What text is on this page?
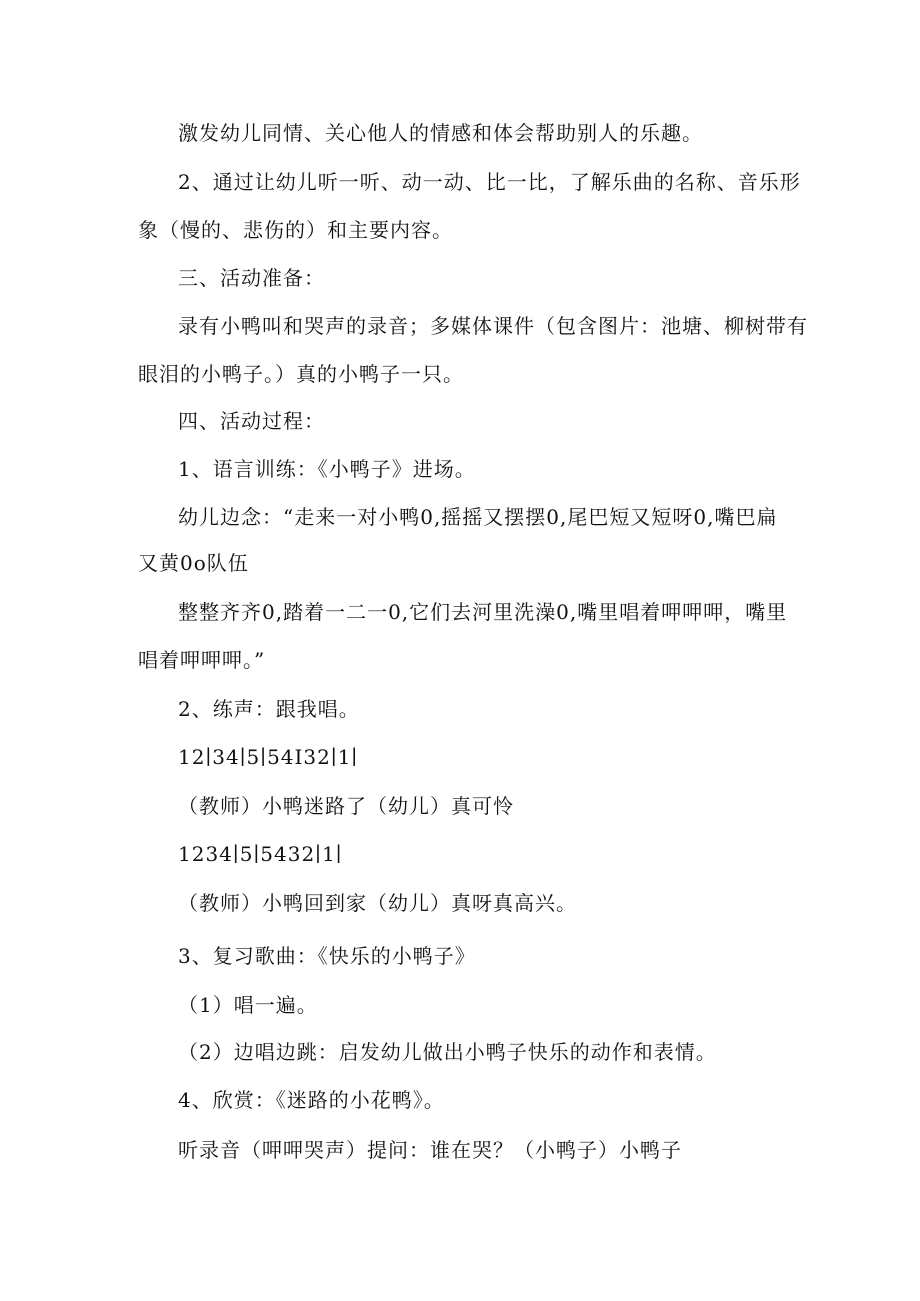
激发幼儿同情、关心他人的情感和体会帮助别人的乐趣。
2、通过让幼儿听一听、动一动、比一比，了解乐曲的名称、音乐形
象（慢的、悲伤的）和主要内容。
三、活动准备：
录有小鸭叫和哭声的录音；多媒体课件（包含图片：池塘、柳树带有
眼泪的小鸭子。）真的小鸭子一只。
四、活动过程：
1、语言训练：《小鸭子》进场。
幼儿边念：“走来一对小鸭0,摇摇又摆摆0,尾巴短又短呀0,嘴巴扁
又黄0o队伍
整整齐齐0,踏着一二一0,它们去河里洗澡0,嘴里唱着呷呷呷，嘴里
唱着呷呷呷。”
2、练声：跟我唱。
12∣34∣5∣54I32∣1∣
（教师）小鸭迷路了（幼儿）真可怜
1234∣5∣5432∣1∣
（教师）小鸭回到家（幼儿）真呀真高兴。
3、复习歌曲：《快乐的小鸭子》
（1）唱一遍。
（2）边唱边跳：启发幼儿做出小鸭子快乐的动作和表情。
4、欣赏：《迷路的小花鸭》。
听录音（呷呷哭声）提问：谁在哭？（小鸭子）小鸭子
